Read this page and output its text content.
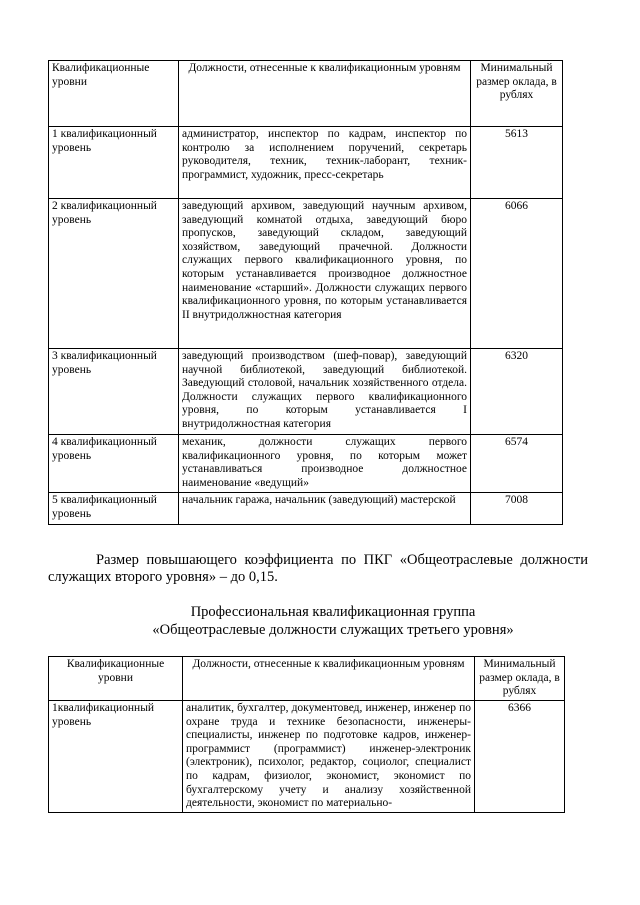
Квалификационные уровни	Должности, отнесенные к квалификационным уровням	Минимальный размер оклада, в рублях
1 квалификационный уровень	администратор, инспектор по кадрам, инспектор по контролю за исполнением поручений, секретарь руководителя, техник, техник-лаборант, техник-программист, художник, пресс-секретарь	5613
2 квалификационный уровень	заведующий архивом, заведующий научным архивом, заведующий комнатой отдыха, заведующий бюро пропусков, заведующий складом, заведующий хозяйством, заведующий прачечной. Должности служащих первого квалификационного уровня, по которым устанавливается производное должностное наименование «старший». Должности служащих первого квалификационного уровня, по которым устанавливается II внутридолжностная категория	6066
3 квалификационный уровень	заведующий производством (шеф-повар), заведующий научной библиотекой, заведующий библиотекой. Заведующий столовой, начальник хозяйственного отдела. Должности служащих первого квалификационного уровня, по которым устанавливается I внутридолжностная категория	6320
4 квалификационный уровень	механик, должности служащих первого квалификационного уровня, по которым может устанавливаться производное должностное наименование «ведущий»	6574
5 квалификационный уровень	начальник гаража, начальник (заведующий) мастерской	7008
Размер повышающего коэффициента по ПКГ «Общеотраслевые должности служащих второго уровня» – до 0,15.
Профессиональная квалификационная группа
«Общеотраслевые должности служащих третьего уровня»
Квалификационные уровни	Должности, отнесенные к квалификационным уровням	Минимальный размер оклада, в рублях
1квалификационный уровень	аналитик, бухгалтер, документовед, инженер, инженер по охране труда и технике безопасности, инженеры-специалисты, инженер по подготовке кадров, инженер-программист (программист) инженер-электроник (электроник), психолог, редактор, социолог, специалист по кадрам, физиолог, экономист, экономист по бухгалтерскому учету и анализу хозяйственной деятельности, экономист по материально-	6366
